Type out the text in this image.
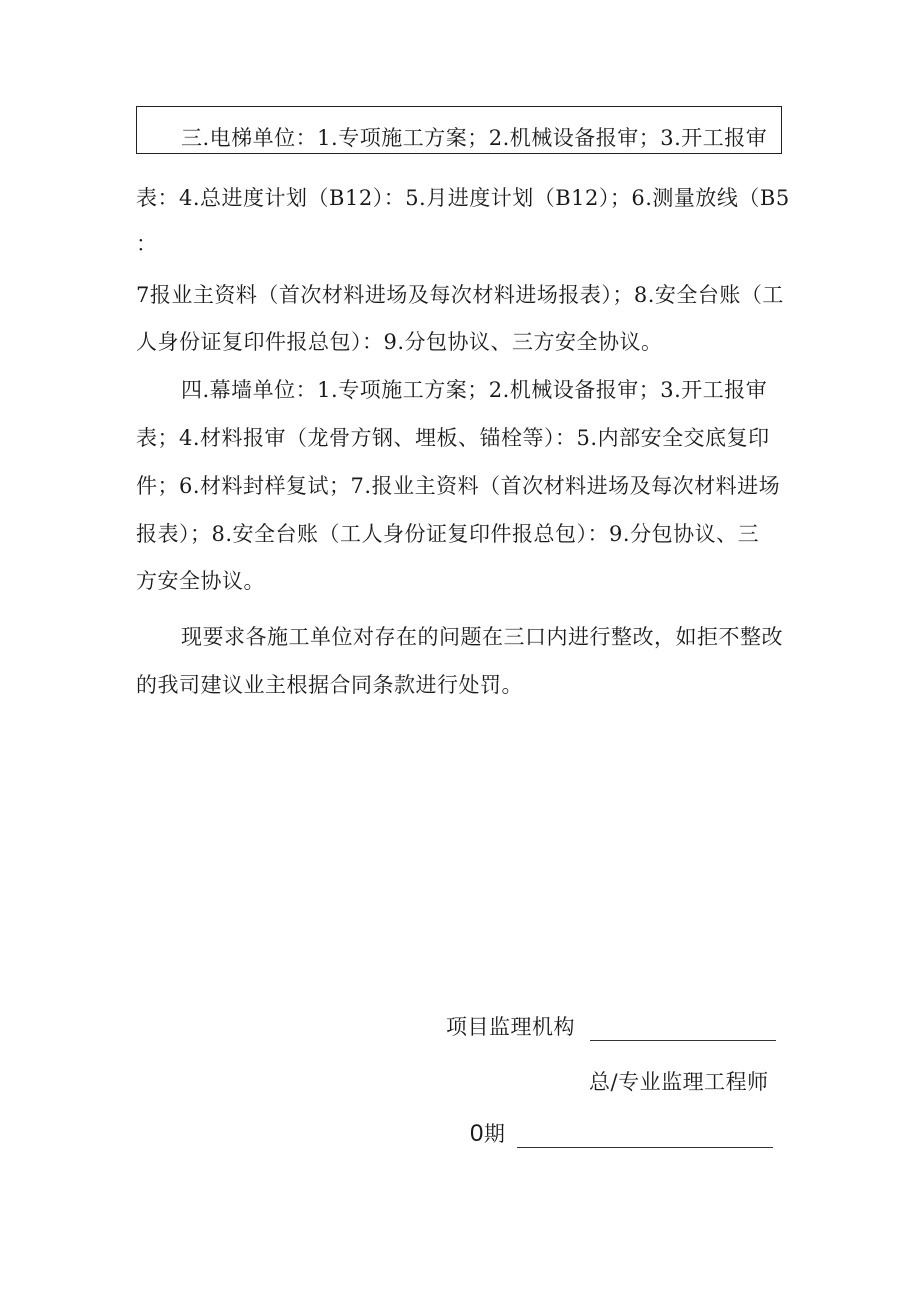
三.电梯单位：1.专项施工方案；2.机械设备报审；3.开工报审
表：4.总进度计划（B12）：5.月进度计划（B12）；6.测量放线（B5
：
7报业主资料（首次材料进场及每次材料进场报表）；8.安全台账（工
人身份证复印件报总包）：9.分包协议、三方安全协议。
四.幕墙单位：1.专项施工方案；2.机械设备报审；3.开工报审
表；4.材料报审（龙骨方钢、埋板、锚栓等）：5.内部安全交底复印
件；6.材料封样复试；7.报业主资料（首次材料进场及每次材料进场
报表）；8.安全台账（工人身份证复印件报总包）：9.分包协议、三
方安全协议。
现要求各施工单位对存在的问题在三口内进行整改，如拒不整改
的我司建议业主根据合同条款进行处罚。
项目监理机构
总/专业监理工程师
0期
